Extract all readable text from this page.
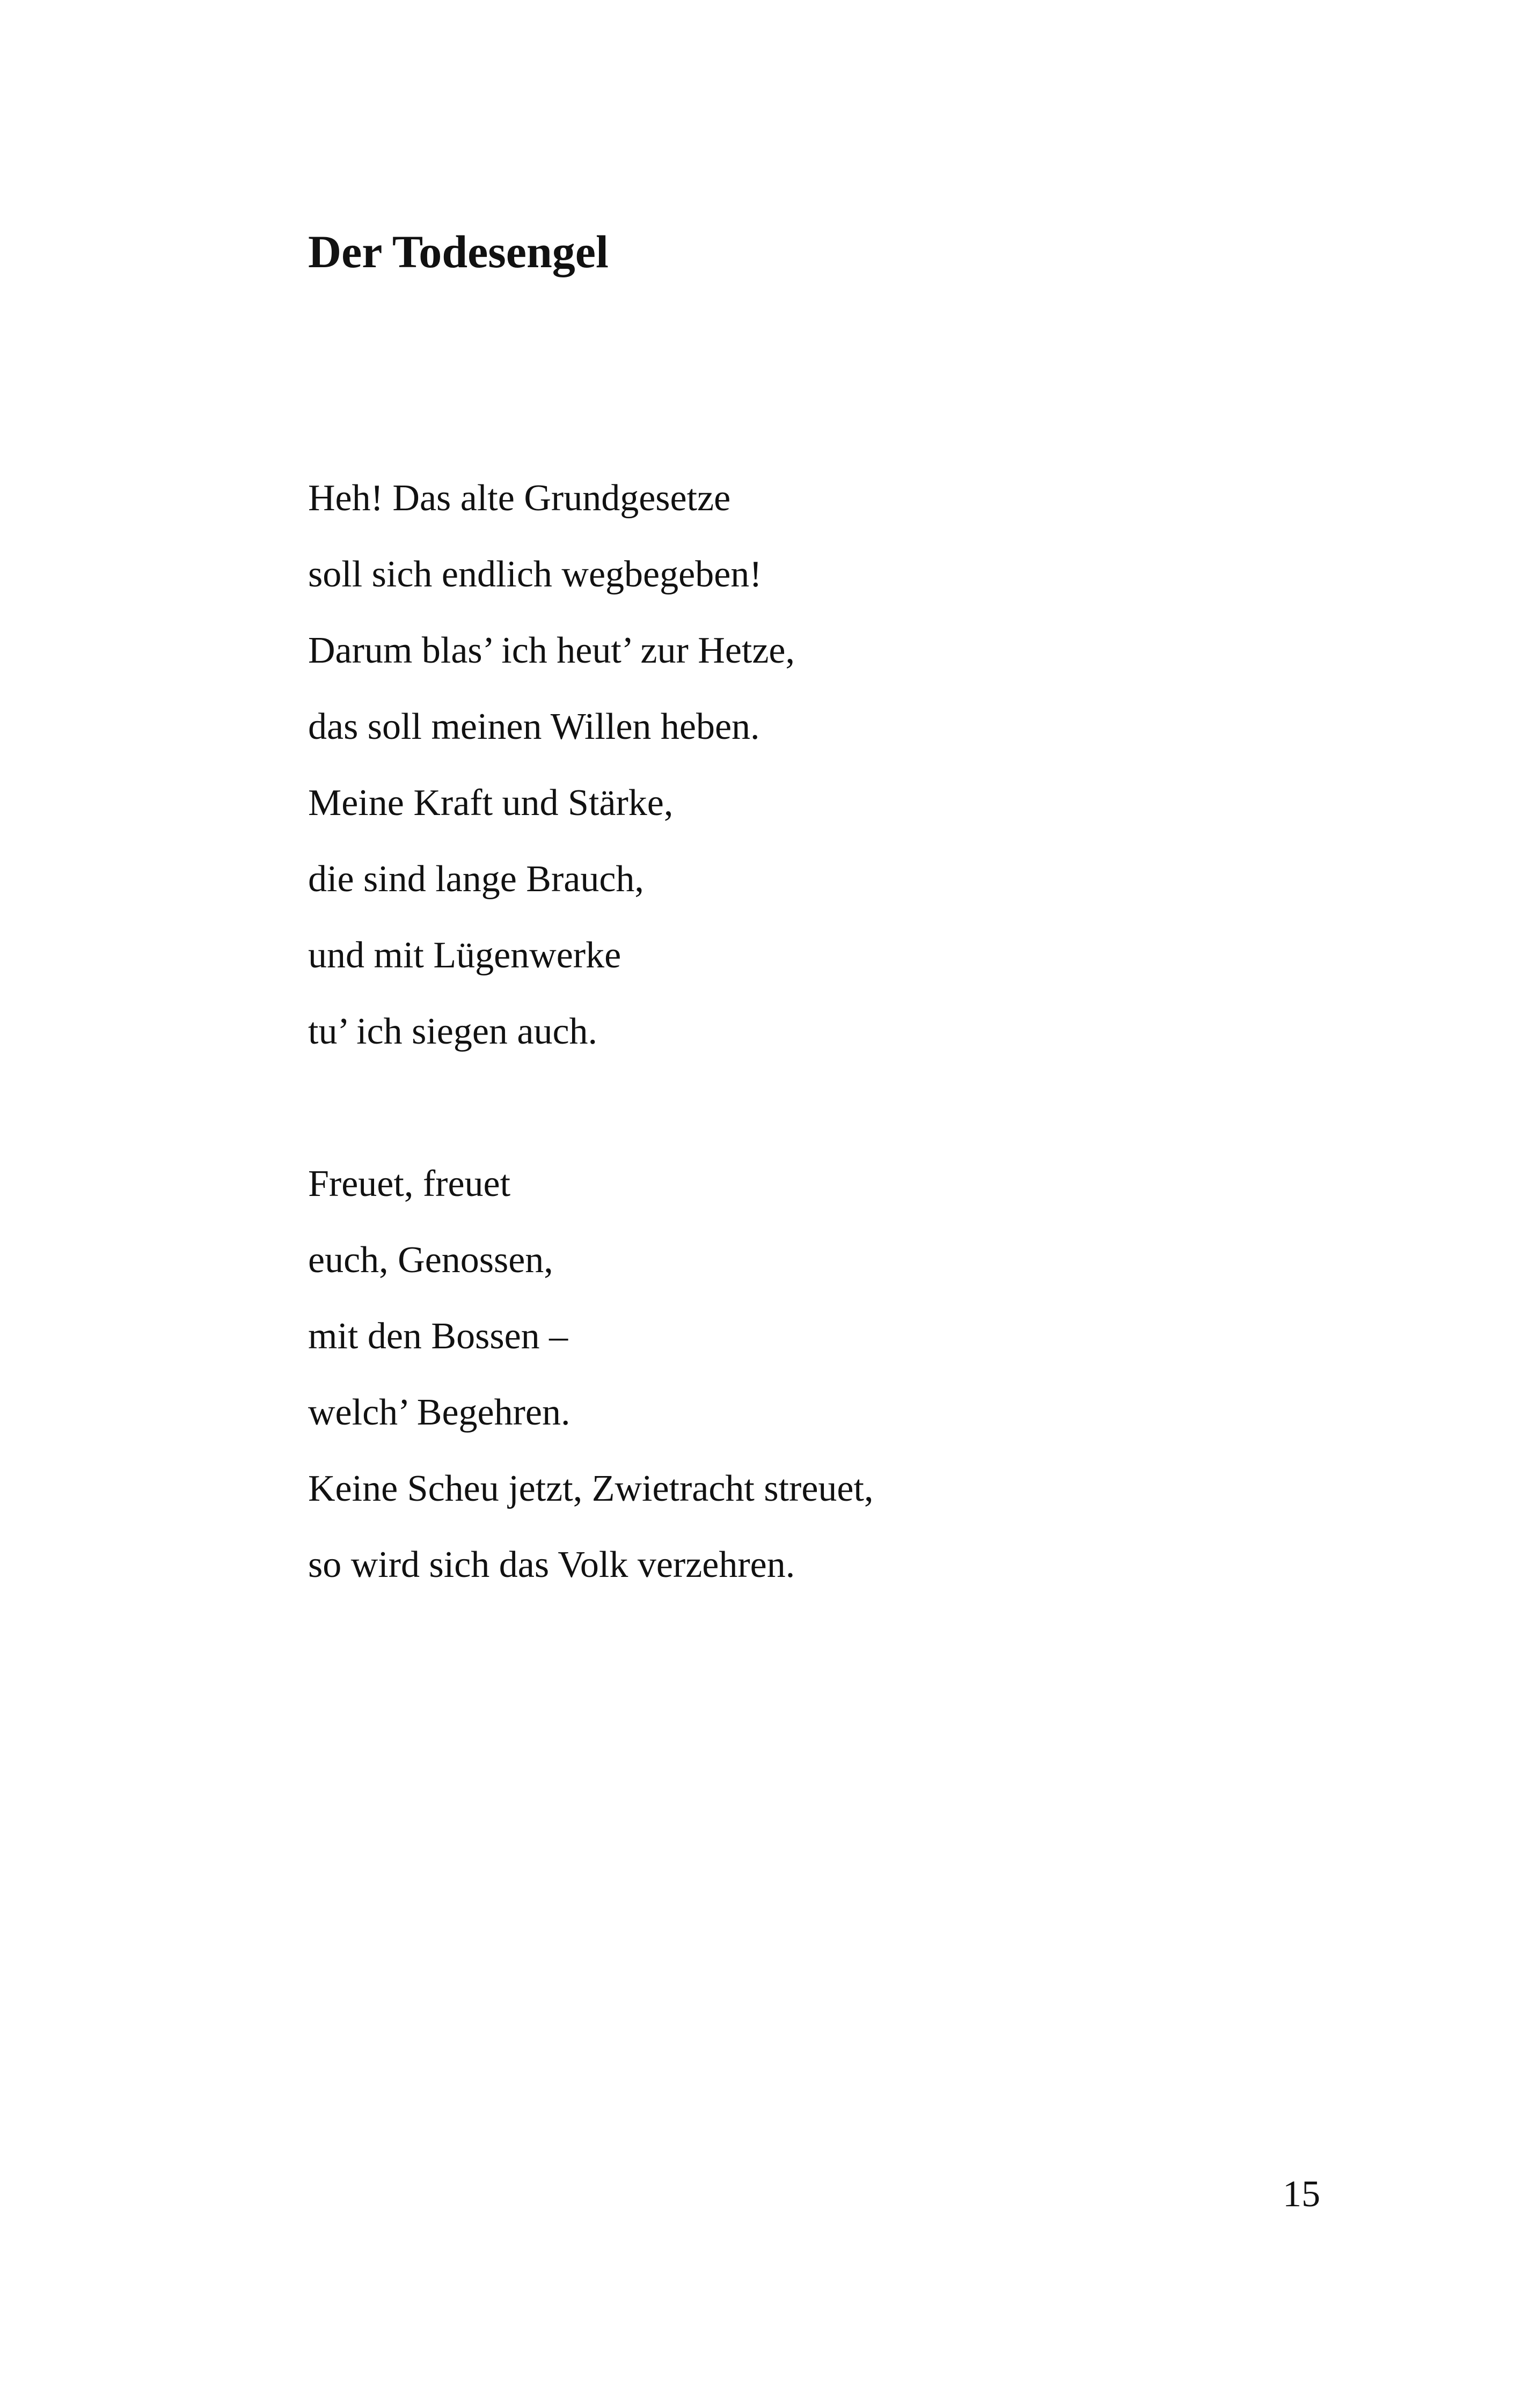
Der Todesengel
Heh! Das alte Grundgesetze
soll sich endlich wegbegeben!
Darum blas’ ich heut’ zur Hetze,
das soll meinen Willen heben.
Meine Kraft und Stärke,
die sind lange Brauch,
und mit Lügenwerke
tu’ ich siegen auch.
Freuet, freuet
euch, Genossen,
mit den Bossen –
welch’ Begehren.
Keine Scheu jetzt, Zwietracht streuet,
so wird sich das Volk verzehren.
15
